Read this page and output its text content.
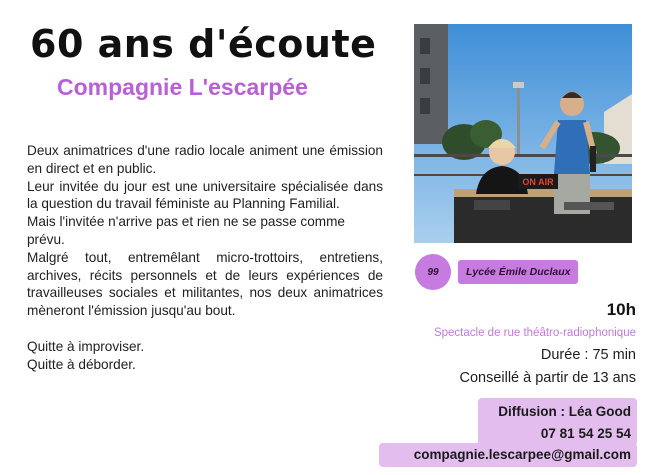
60 ans d'écoute
Compagnie L'escarpée

Deux animatrices d'une radio locale animent une émission en direct et en public.

Leur invitée du jour est une universitaire spécialisée dans la question du travail féministe au Planning Familial.

Mais l'invitée n'arrive pas et rien ne se passe comme prévu.

Malgré tout, entremêlant micro-trottoirs, entretiens, archives, récits personnels et de leurs expériences de travailleuses sociales et militantes, nos deux animatrices mèneront l'émission jusqu'au bout.

Quitte à improviser.

Quitte à déborder.

ON AIR
99	Lycée Émile Duclaux
10h
Spectacle de rue théâtro-radiophonique
Durée : 75 min
Conseillé à partir de 13 ans
Diffusion : Léa Good
07 81 54 25 54
compagnie.lescarpee@gmail.com
